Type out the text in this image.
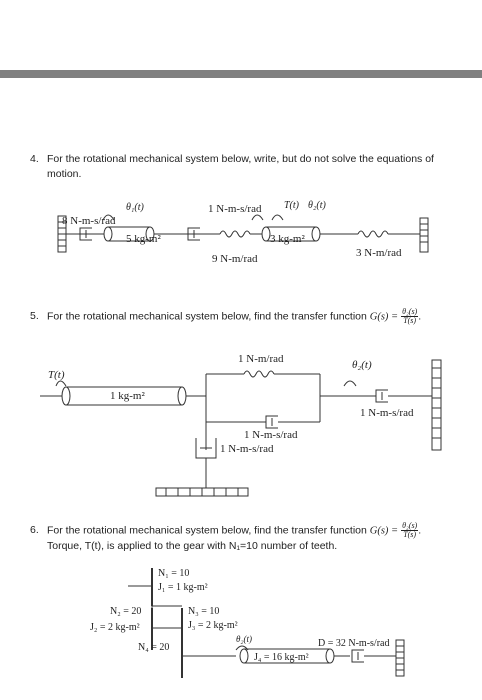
4. For the rotational mechanical system below, write, but do not solve the equations of
motion.
8 N-m-s/rad
θ₁(t)
5 kg-m²
1 N-m-s/rad
9 N-m/rad
T(t) θ₂(t)
3 kg-m²
3 N-m/rad
5. For the rotational mechanical system below, find the transfer function $G(s) = \frac{\text{θ₂(s)}}{T(s)}$ .
T(t)
1 kg-m²
1 N-m/rad	θ₂(t)
1 N-m-s/rad
1 N-m-s/rad
1 N-m-s/rad
6. For the rotational mechanical system below, find the transfer function $G(s) = \frac{\text{θ₂(s)}}{T(s)}$ .
Torque, T(t), is applied to the gear with N₁=10 number of teeth.
N₁ = 10
J₁ = 1 kg-m²
N₂ = 20
J₂ = 2 kg-m²
N₃ = 10
J₃ = 2 kg-m²
N₄ = 20
θ₂(t)	D = 32 N-m-s/rad
J₄ = 16 kg-m²
